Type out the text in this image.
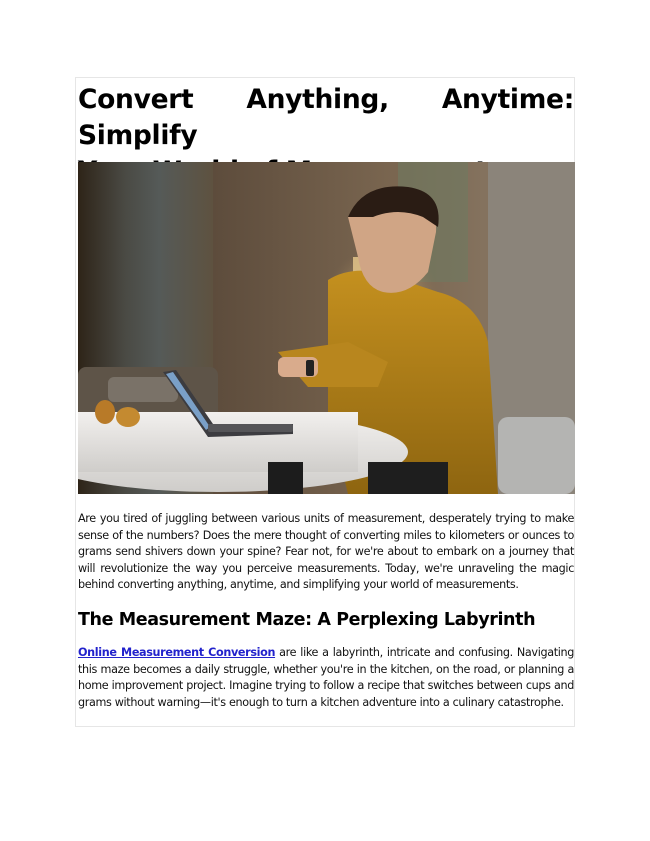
Convert Anything, Anytime: Simplify

Are you tired of juggling between various units of measurement, desperately trying to make sense of the numbers? Does the mere thought of converting miles to kilometers or ounces to grams send shivers down your spine? Fear not, for we're about to embark on a journey that will revolutionize the way you perceive measurements. Today, we're unraveling the magic behind converting anything, anytime, and simplifying your world of measurements.

The Measurement Maze: A Perplexing Labyrinth

Online Measurement Conversion are like a labyrinth, intricate and confusing. Navigating this maze becomes a daily struggle, whether you're in the kitchen, on the road, or planning a home improvement project. Imagine trying to follow a recipe that switches between cups and grams without warning—it's enough to turn a kitchen adventure into a culinary catastrophe.
